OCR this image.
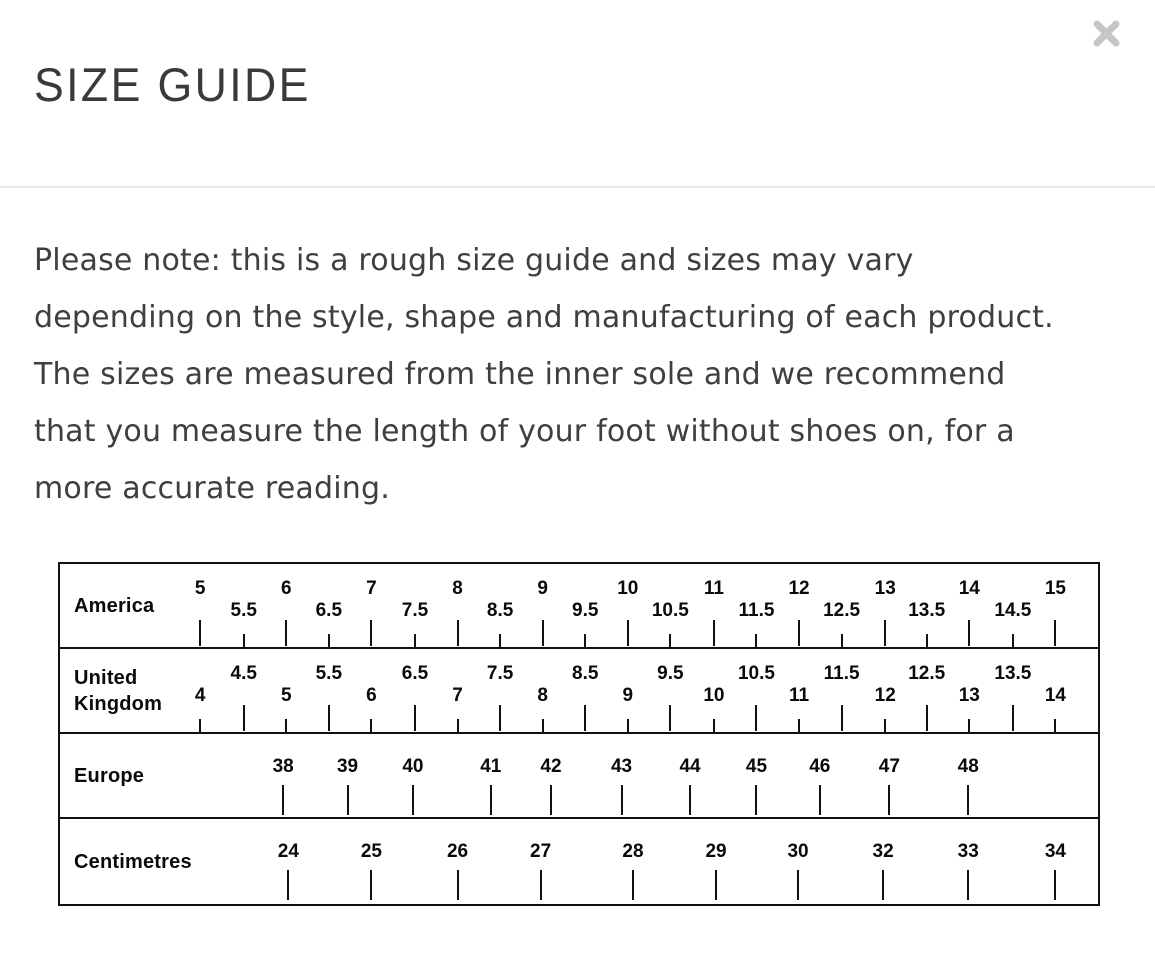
SIZE GUIDE
Please note: this is a rough size guide and sizes may vary
depending on the style, shape and manufacturing of each product.
The sizes are measured from the inner sole and we recommend
that you measure the length of your foot without shoes on, for a
more accurate reading.
America
5	6	7	8	9	10	11	12	13	14	15
5.5	6.5	7.5	8.5	9.5	10.5	11.5	12.5	13.5	14.5
United
Kingdom
4.5	5.5	6.5	7.5	8.5	9.5	10.5	11.5	12.5	13.5
4	5	6	7	8	9	10	11	12	13	14
Europe	38 39 40	41 42	43 44 45 46	47	48
Centimetres	24	25	26	27	28	29	30	32	33	34
